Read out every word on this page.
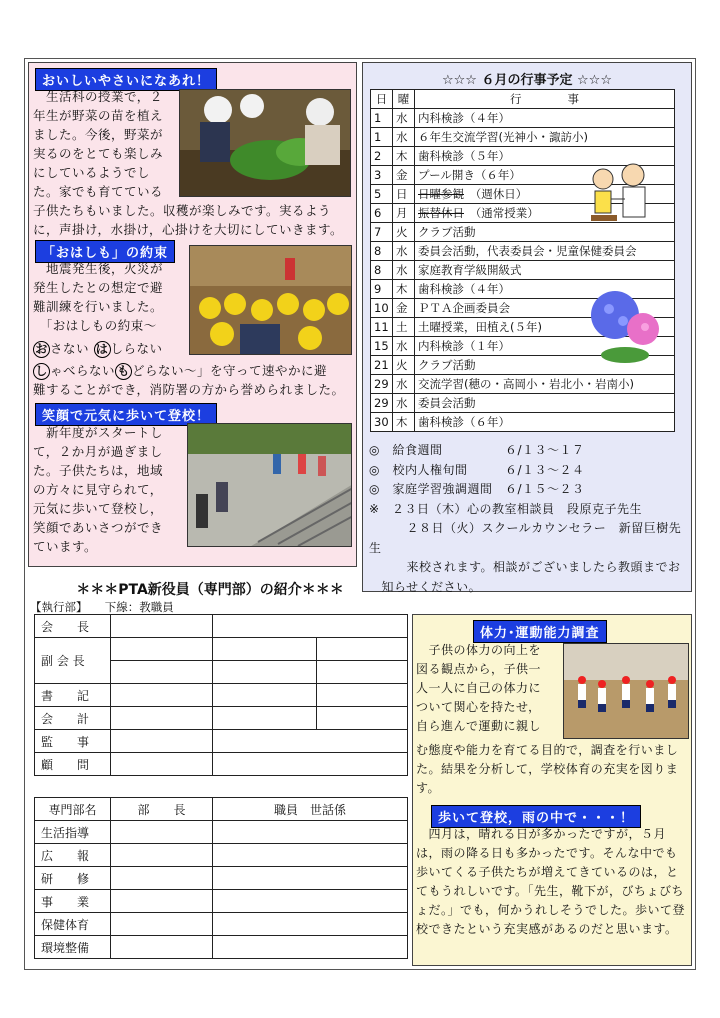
おいしいやさいになあれ！
　生活科の授業で，２
年生が野菜の苗を植え
ました。今後，野菜が
実るのをとても楽しみ
にしているようでし
た。家でも育てている
子供たちもいました。収穫が楽しみです。実るように，声掛け，水掛け，心掛けを大切にしていきます。
「おはしも」の約束
　地震発生後，火災が
発生したとの想定で避
難訓練を行いました。
　「おはしもの約束～
お さない は しらない
し ゃべらない も どらない～」を守って速やかに避
難することができ，消防署の方から誉められました。
笑顔で元気に歩いて登校！
　新年度がスタートし
て，２か月が過ぎまし
た。子供たちは，地域
の方々に見守られて，
元気に歩いて登校し，
笑顔であいさつができ
ています。
☆☆☆ ６月の行事予定 ☆☆☆
日	曜	行　　　　事
1	水	内科検診（４年）
1	水	６年生交流学習(光神小・諏訪小)
2	木	歯科検診（５年）
3	金	プール開き（６年）
5	日	日曜参観　（週休日）
6	月	振替休日　（通常授業）
7	火	クラブ活動
8	水	委員会活動，代表委員会・児童保健委員会
8	水	家庭教育学級開級式
9	木	歯科検診（４年）
10	金	ＰＴＡ企画委員会
11	土	土曜授業，田植え(５年)
15	水	内科検診（１年）
21	火	クラブ活動
29	水	交流学習(穂の・高岡小・岩北小・岩南小)
29	水	委員会活動
30	木	歯科検診（６年）
◎　給食週間　　　　　６/１３～１７
◎　校内人権旬間　　　６/１３～２４
◎　家庭学習強調週間　６/１５～２３
※　２３日（木）心の教室相談員　段原克子先生
　　　２８日（火）スクールカウンセラー　新留巨樹先生
　　　来校されます。相談がございましたら教頭までお
　知らせください。
＊＊＊PTA新役員（専門部）の紹介＊＊＊
【執行部】　　下線：教職員
会　　長			
副 会 長			

書　　記			
会　　計			
監　　事			
顧　　問			
専門部名	部　　長	職員　世話係
生活指導		
広　　報		
研　　修		
事　　業		
保健体育		
環境整備		
体力･運動能力調査
　子供の体力の向上を
図る観点から，子供一
人一人に自己の体力に
ついて関心を持たせ，
自ら進んで運動に親し
む態度や能力を育てる目的で，調査を行いました。結果を分析して，学校体育の充実を図ります。
歩いて登校，雨の中で・・・！
　四月は，晴れる日が多かったですが，５月は，雨の降る日も多かったです。そんな中でも歩いてくる子供たちが増えてきているのは，とてもうれしいです。「先生，靴下が，びちょびちょだ。」でも，何かうれしそうでした。歩いて登校できたという充実感があるのだと思います。
